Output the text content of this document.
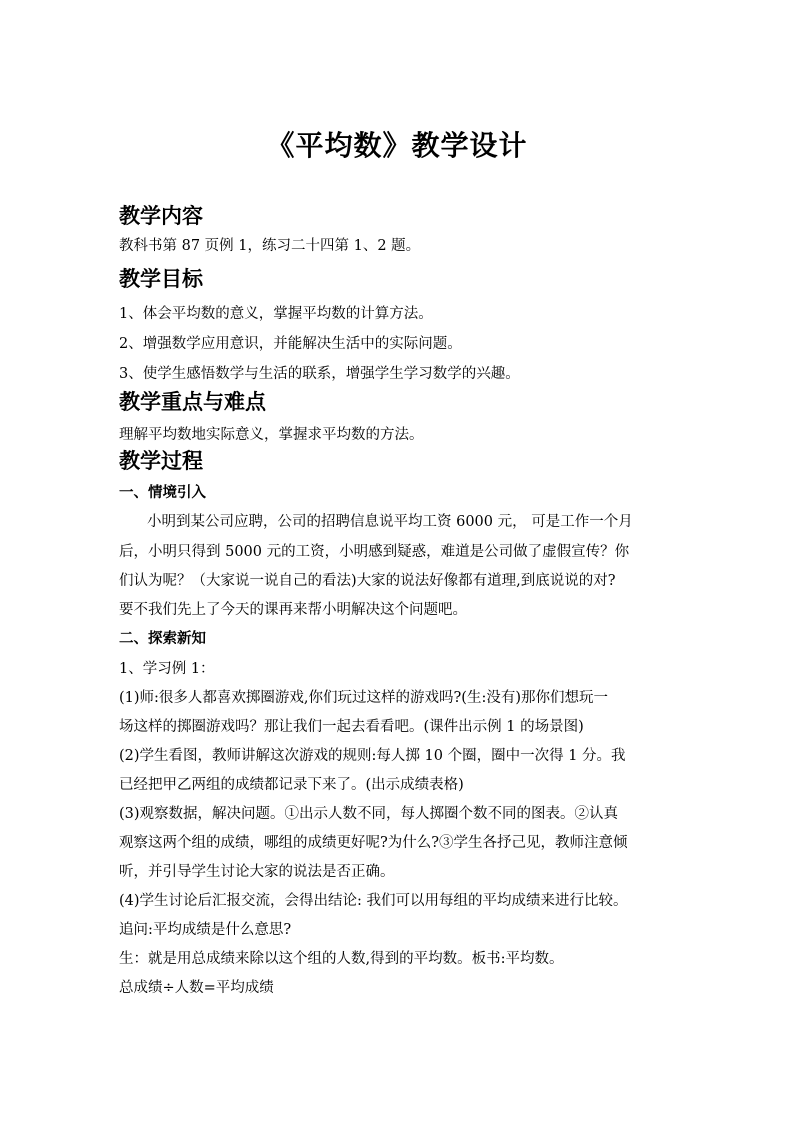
《平均数》教学设计
教学内容
教科书第 87 页例 1，练习二十四第 1、2 题。
教学目标
1、体会平均数的意义，掌握平均数的计算方法。
2、增强数学应用意识，并能解决生活中的实际问题。
3、使学生感悟数学与生活的联系，增强学生学习数学的兴趣。
教学重点与难点
理解平均数地实际意义，掌握求平均数的方法。
教学过程
一、情境引入
小明到某公司应聘，公司的招聘信息说平均工资 6000 元， 可是工作一个月
后，小明只得到 5000 元的工资，小明感到疑惑，难道是公司做了虚假宣传？你
们认为呢？（大家说一说自己的看法)大家的说法好像都有道理,到底说说的对?
要不我们先上了今天的课再来帮小明解决这个问题吧。
二、探索新知
1、学习例 1：
(1)师:很多人都喜欢掷圈游戏,你们玩过这样的游戏吗?(生:没有)那你们想玩一
场这样的掷圈游戏吗？那让我们一起去看看吧。(课件出示例 1 的场景图)
(2)学生看图，教师讲解这次游戏的规则:每人掷 10 个圈，圈中一次得 1 分。我
已经把甲乙两组的成绩都记录下来了。(出示成绩表格)
(3)观察数据，解决问题。①出示人数不同，每人掷圈个数不同的图表。②认真
观察这两个组的成绩，哪组的成绩更好呢?为什么?③学生各抒己见，教师注意倾
听，并引导学生讨论大家的说法是否正确。
(4)学生讨论后汇报交流，会得出结论: 我们可以用每组的平均成绩来进行比较。
追问:平均成绩是什么意思?
生：就是用总成绩来除以这个组的人数,得到的平均数。板书:平均数。
总成绩÷人数=平均成绩
